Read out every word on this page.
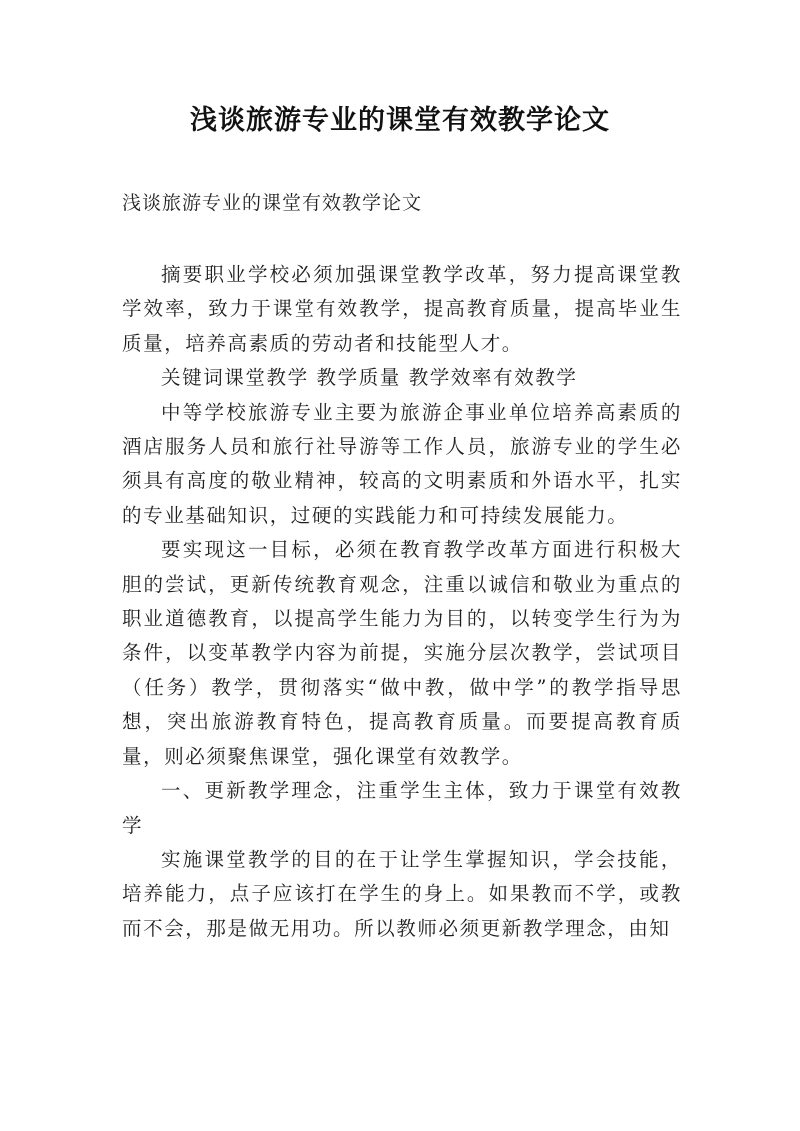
浅谈旅游专业的课堂有效教学论文
浅谈旅游专业的课堂有效教学论文

摘要职业学校必须加强课堂教学改革，努力提高课堂教学效率，致力于课堂有效教学，提高教育质量，提高毕业生质量，培养高素质的劳动者和技能型人才。

关键词课堂教学 教学质量 教学效率有效教学

中等学校旅游专业主要为旅游企事业单位培养高素质的酒店服务人员和旅行社导游等工作人员，旅游专业的学生必须具有高度的敬业精神，较高的文明素质和外语水平，扎实的专业基础知识，过硬的实践能力和可持续发展能力。

要实现这一目标，必须在教育教学改革方面进行积极大胆的尝试，更新传统教育观念，注重以诚信和敬业为重点的职业道德教育，以提高学生能力为目的，以转变学生行为为条件，以变革教学内容为前提，实施分层次教学，尝试项目（任务）教学，贯彻落实“做中教，做中学”的教学指导思想，突出旅游教育特色，提高教育质量。而要提高教育质量，则必须聚焦课堂，强化课堂有效教学。

一、更新教学理念，注重学生主体，致力于课堂有效教学

实施课堂教学的目的在于让学生掌握知识，学会技能，培养能力，点子应该打在学生的身上。如果教而不学，或教而不会，那是做无用功。所以教师必须更新教学理念，由知
